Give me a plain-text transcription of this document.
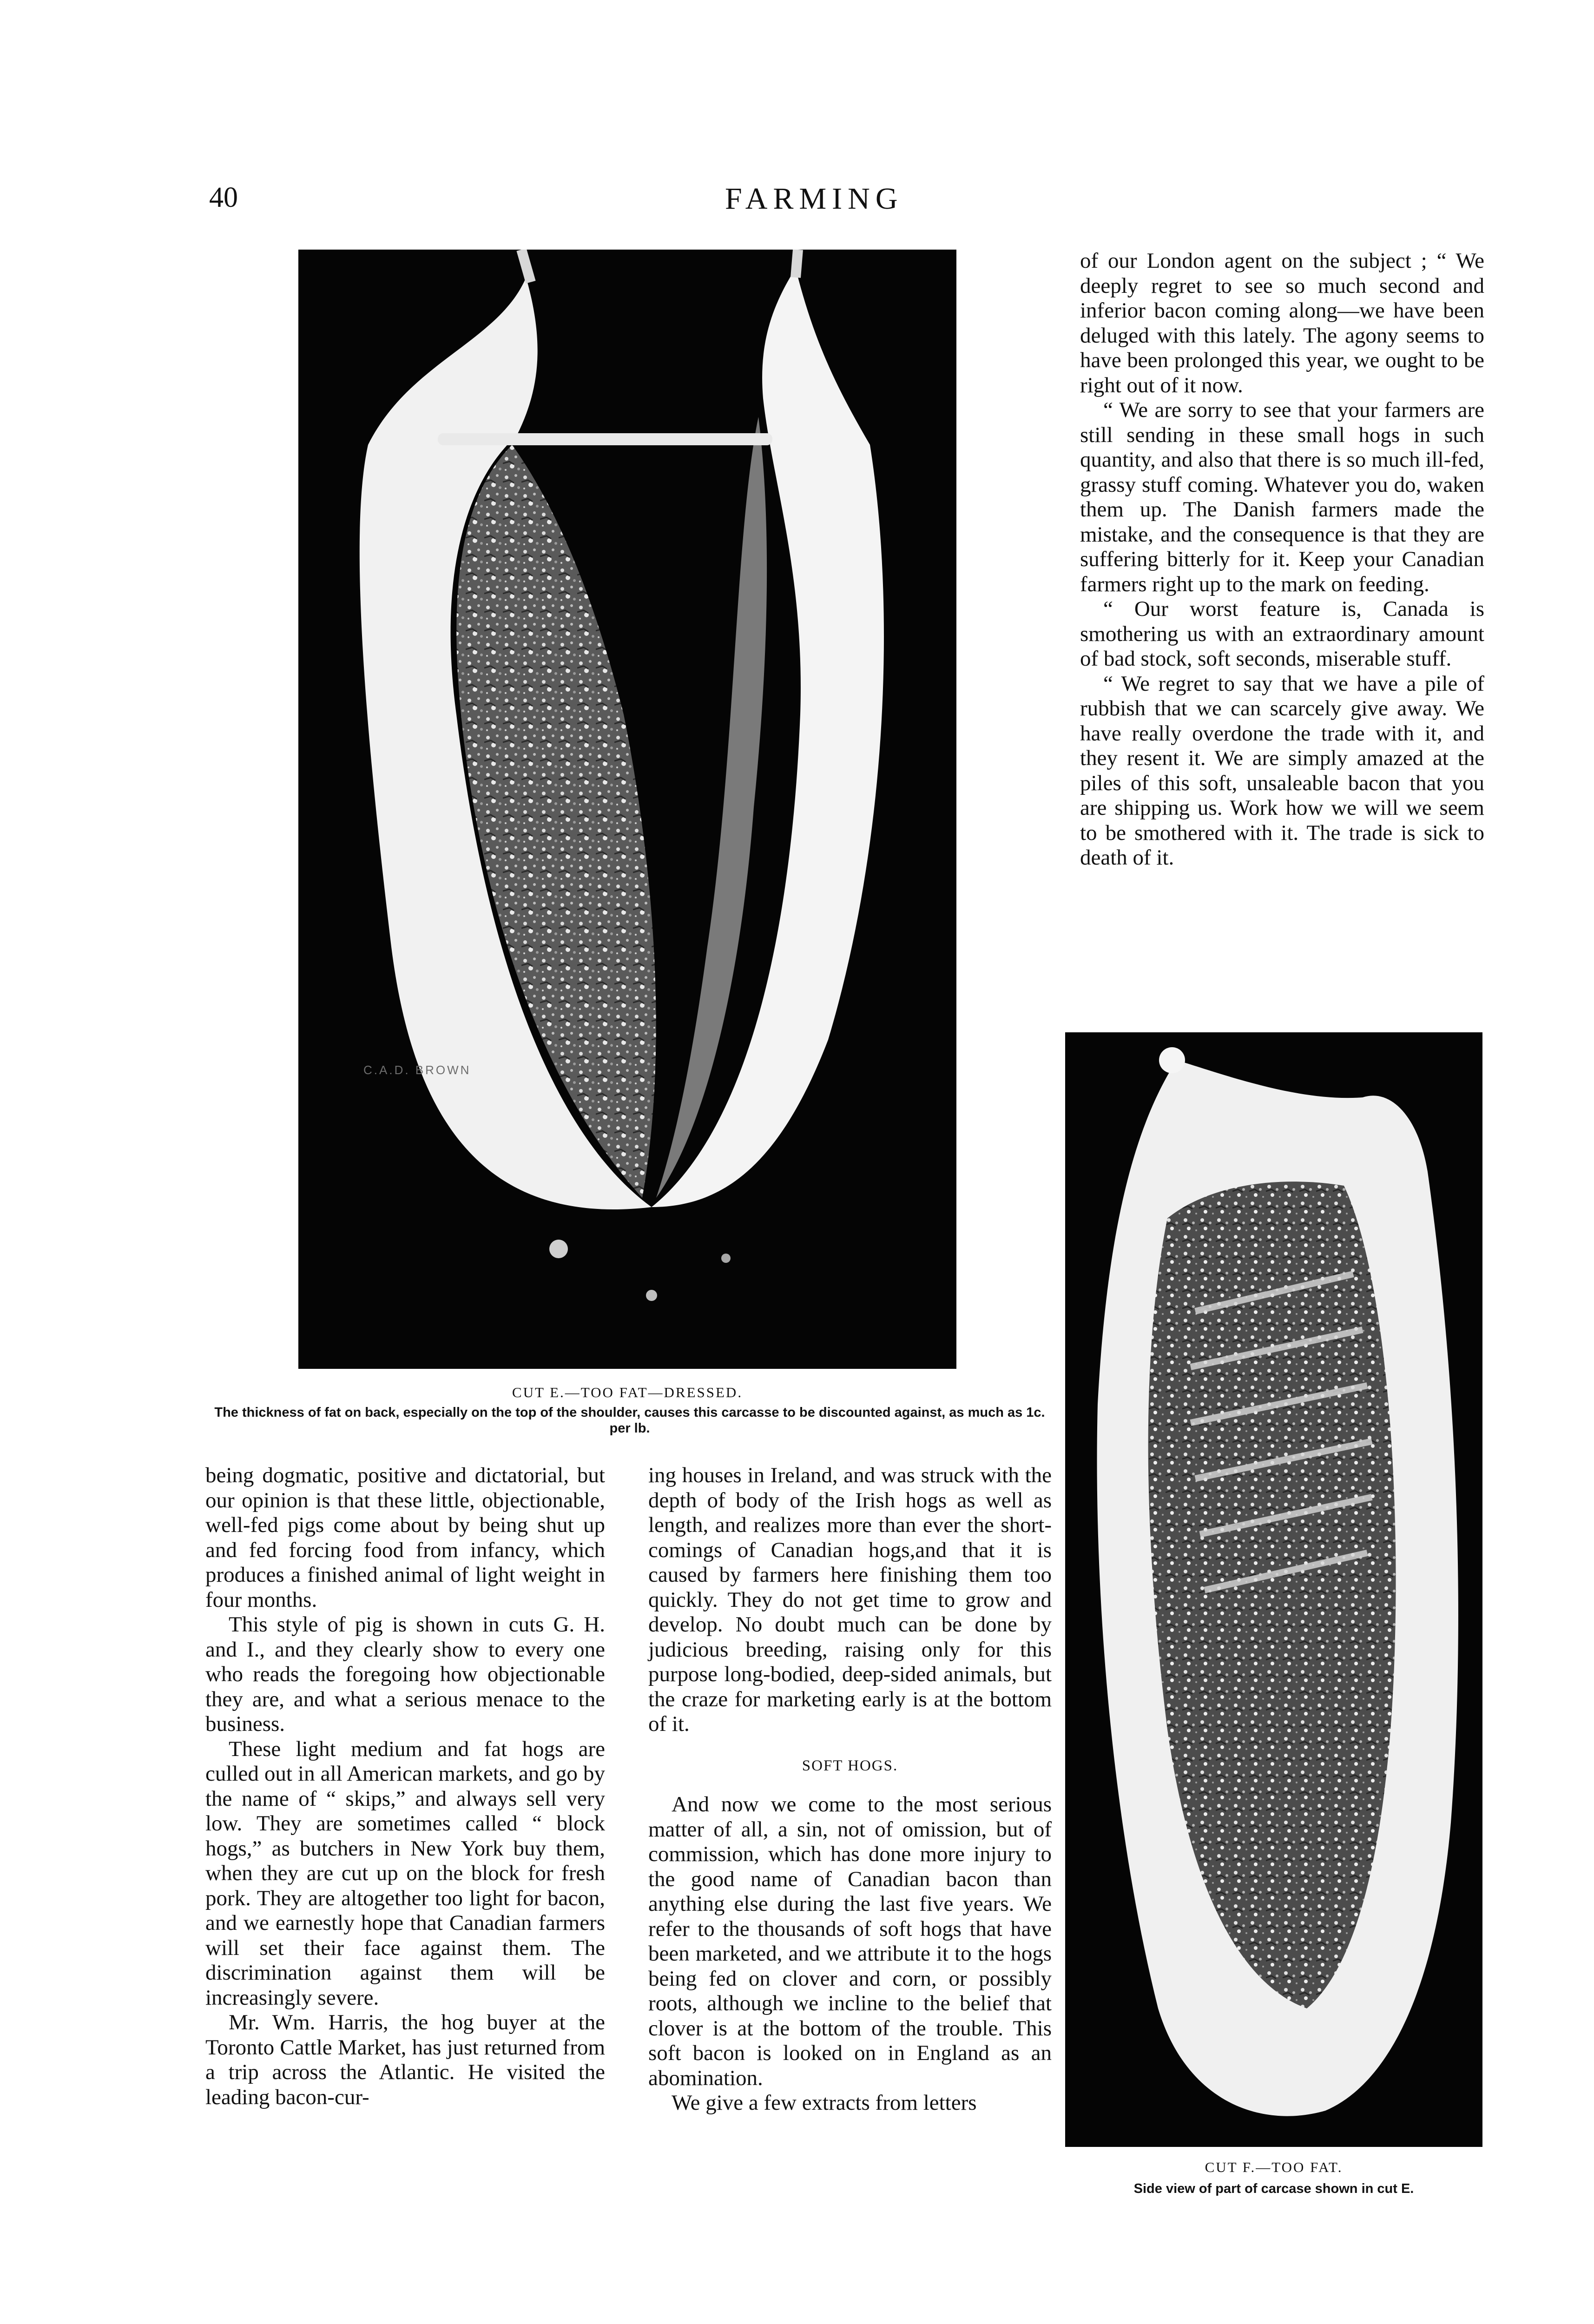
40	FARMING
C.A.D. BROWN
CUT E.—TOO FAT—DRESSED.
The thickness of fat on back, especially on the top of the shoulder, causes this carcasse to be discounted against, as much as 1c. per lb.

of our London agent on the subject ; “ We deeply regret to see so much second and inferior bacon coming along—we have been deluged with this lately. The agony seems to have been prolonged this year, we ought to be right out of it now.

“ We are sorry to see that your farmers are still sending in these small hogs in such quantity, and also that there is so much ill-fed, grassy stuff coming. Whatever you do, waken them up. The Danish farmers made the mistake, and the consequence is that they are suffering bitterly for it. Keep your Canadian farmers right up to the mark on feeding.

“ Our worst feature is, Canada is smothering us with an extraordinary amount of bad stock, soft seconds, miserable stuff.

“ We regret to say that we have a pile of rubbish that we can scarcely give away. We have really overdone the trade with it, and they resent it. We are simply amazed at the piles of this soft, unsaleable bacon that you are shipping us. Work how we will we seem to be smothered with it. The trade is sick to death of it.

CUT F.—TOO FAT.
Side view of part of carcase shown in cut E.

being dogmatic, positive and dictatorial, but our opinion is that these little, objectionable, well-fed pigs come about by being shut up and fed forcing food from infancy, which produces a finished animal of light weight in four months.

This style of pig is shown in cuts G. H. and I., and they clearly show to every one who reads the foregoing how objectionable they are, and what a serious menace to the business.

These light medium and fat hogs are culled out in all American markets, and go by the name of “ skips,” and always sell very low. They are sometimes called “ block hogs,” as butchers in New York buy them, when they are cut up on the block for fresh pork. They are altogether too light for bacon, and we earnestly hope that Canadian farmers will set their face against them. The discrimination against them will be increasingly severe.

Mr. Wm. Harris, the hog buyer at the Toronto Cattle Market, has just returned from a trip across the Atlantic. He visited the leading bacon-cur-

ing houses in Ireland, and was struck with the depth of body of the Irish hogs as well as length, and realizes more than ever the short-comings of Canadian hogs,and that it is caused by farmers here finishing them too quickly. They do not get time to grow and develop. No doubt much can be done by judicious breeding, raising only for this purpose long-bodied, deep-sided animals, but the craze for marketing early is at the bottom of it.

SOFT HOGS.

And now we come to the most serious matter of all, a sin, not of omission, but of commission, which has done more injury to the good name of Canadian bacon than anything else during the last five years. We refer to the thousands of soft hogs that have been marketed, and we attribute it to the hogs being fed on clover and corn, or possibly roots, although we incline to the belief that clover is at the bottom of the trouble. This soft bacon is looked on in England as an abomination.

We give a few extracts from letters
